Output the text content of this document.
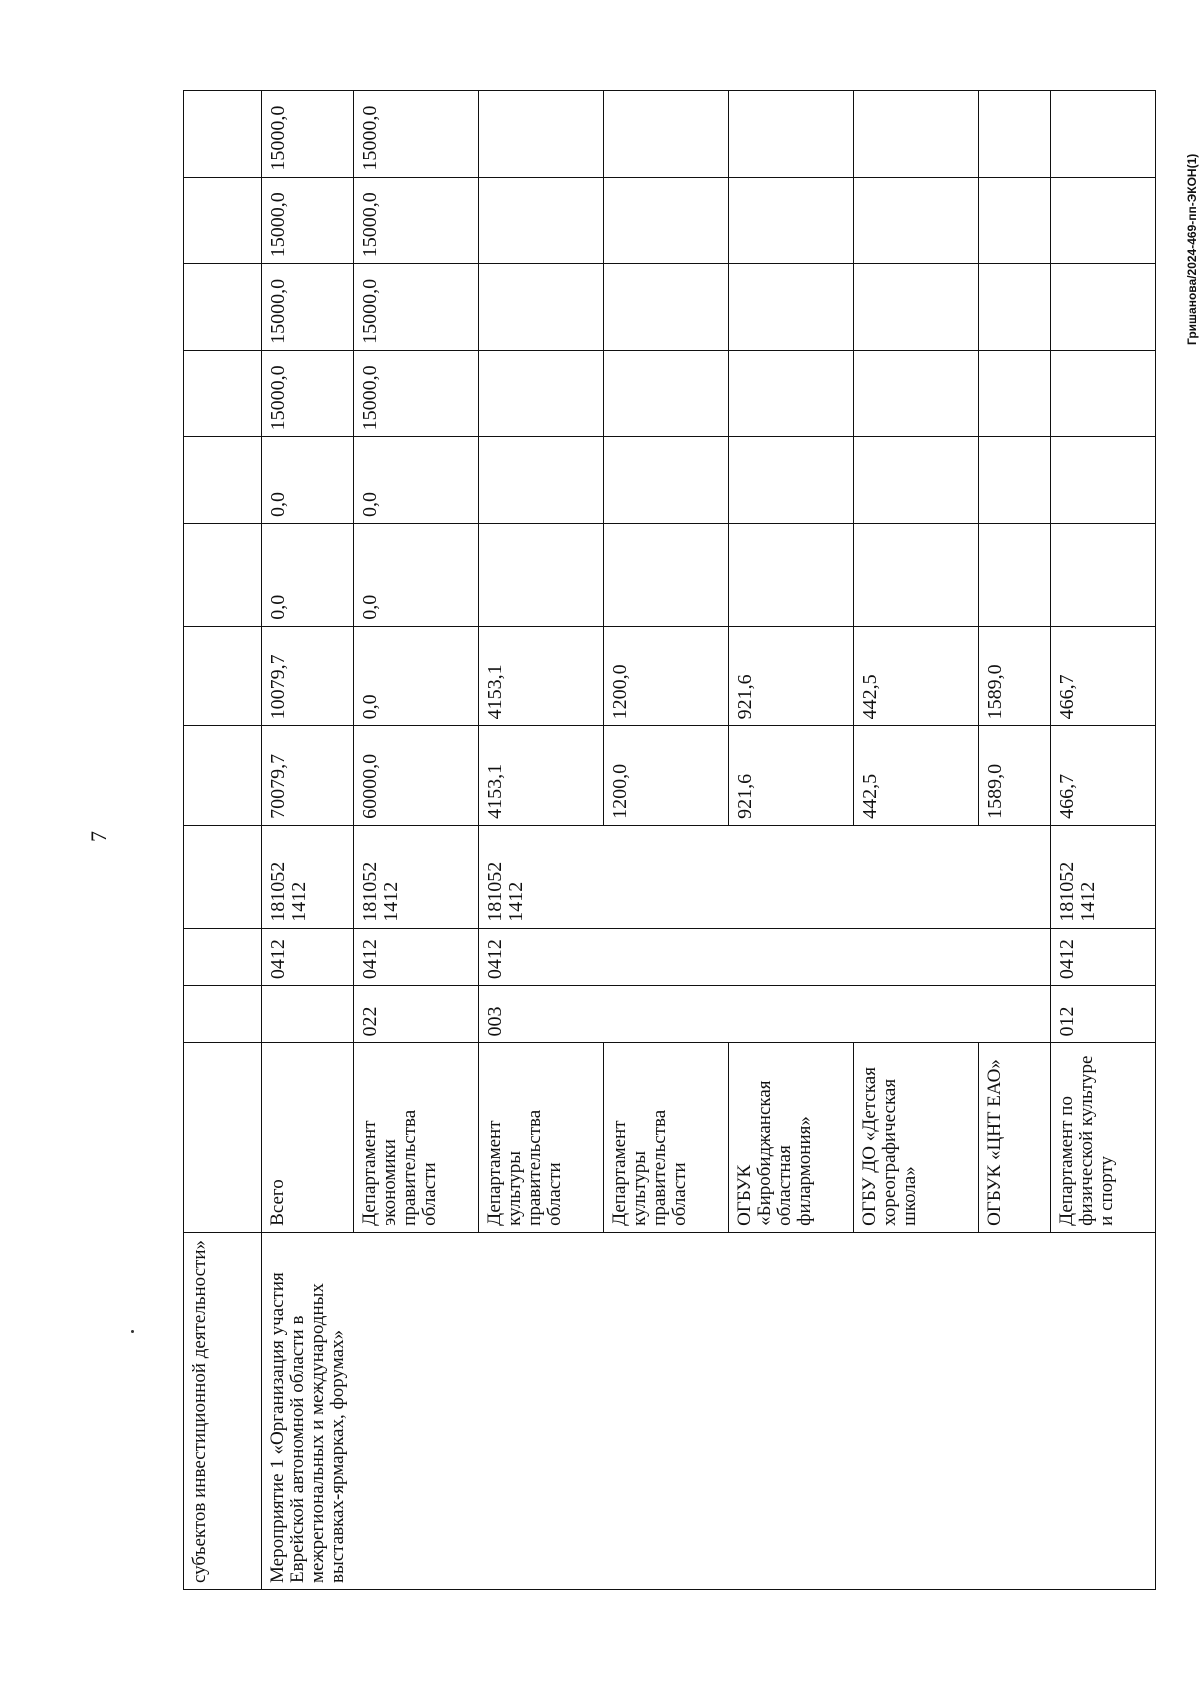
7
Гришанова/2024-469-пп-ЭКОН(1)
субъектов инвестиционной деятельности»												
Мероприятие 1 «Организация участия Еврейской автономной области в межрегиональных и международных выставках-ярмарках, форумах»	Всего		0412	181052 1412	70079,7	10079,7	0,0	0,0	15000,0	15000,0	15000,0	15000,0
	Департамент экономики правительства области	022	0412	181052 1412	60000,0	0,0	0,0	0,0	15000,0	15000,0	15000,0	15000,0
	Департамент культуры правительства области	003	0412	181052 1412	4153,1	4153,1						
	Департамент культуры правительства области				1200,0	1200,0						
	ОГБУК «Биробиджанская областная филармония»				921,6	921,6						
	ОГБУ ДО «Детская хореографическая школа»				442,5	442,5						
	ОГБУК «ЦНТ ЕАО»				1589,0	1589,0						
	Департамент по физической культуре и спорту	012	0412	181052 1412	466,7	466,7						
